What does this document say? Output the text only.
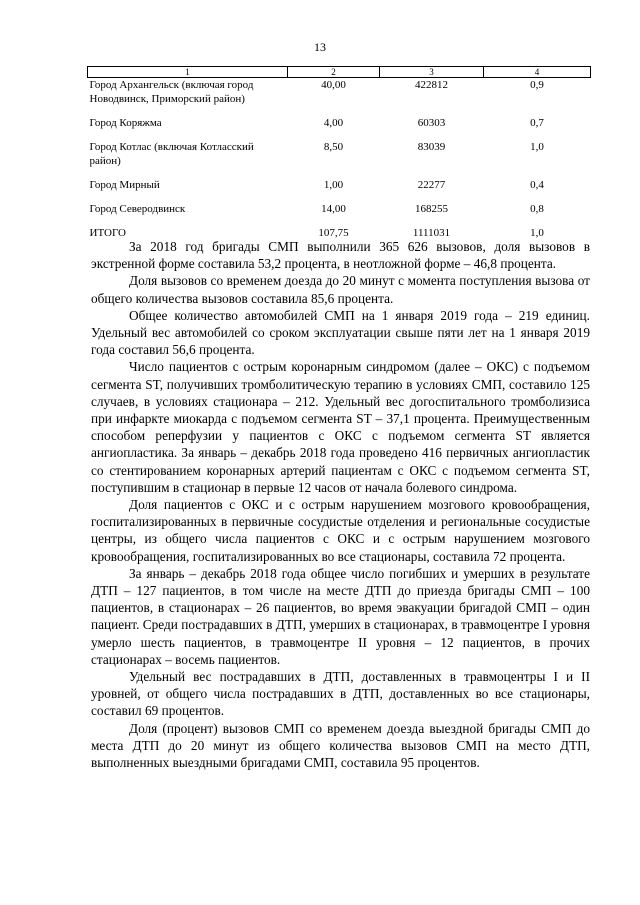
13
1	2	3	4
Город Архангельск (включая город Новодвинск, Приморский район)	40,00	422812	0,9
Город Коряжма	4,00	60303	0,7
Город Котлас (включая Котласский район)	8,50	83039	1,0
Город Мирный	1,00	22277	0,4
Город Северодвинск	14,00	168255	0,8
ИТОГО	107,75	1111031	1,0

За 2018 год бригады СМП выполнили 365 626 вызовов, доля вызовов в экстренной форме составила 53,2 процента, в неотложной форме – 46,8 процента.

Доля вызовов со временем доезда до 20 минут с момента поступления вызова от общего количества вызовов составила 85,6 процента.

Общее количество автомобилей СМП на 1 января 2019 года – 219 единиц. Удельный вес автомобилей со сроком эксплуатации свыше пяти лет на 1 января 2019 года составил 56,6 процента.

Число пациентов с острым коронарным синдромом (далее – ОКС) с подъемом сегмента ST, получивших тромболитическую терапию в условиях СМП, составило 125 случаев, в условиях стационара – 212. Удельный вес догоспитального тромболизиса при инфаркте миокарда с подъемом сегмента ST – 37,1 процента. Преимущественным способом реперфузии у пациентов с ОКС с подъемом сегмента ST является ангиопластика. За январь – декабрь 2018 года проведено 416 первичных ангиопластик со стентированием коронарных артерий пациентам с ОКС с подъемом сегмента ST, поступившим в стационар в первые 12 часов от начала болевого синдрома.

Доля пациентов с ОКС и с острым нарушением мозгового кровообращения, госпитализированных в первичные сосудистые отделения и региональные сосудистые центры, из общего числа пациентов с ОКС и с острым нарушением мозгового кровообращения, госпитализированных во все стационары, составила 72 процента.

За январь – декабрь 2018 года общее число погибших и умерших в результате ДТП – 127 пациентов, в том числе на месте ДТП до приезда бригады СМП – 100 пациентов, в стационарах – 26 пациентов, во время эвакуации бригадой СМП – один пациент. Среди пострадавших в ДТП, умерших в стационарах, в травмоцентре I уровня умерло шесть пациентов, в травмоцентре II уровня – 12 пациентов, в прочих стационарах – восемь пациентов.

Удельный вес пострадавших в ДТП, доставленных в травмоцентры I и II уровней, от общего числа пострадавших в ДТП, доставленных во все стационары, составил 69 процентов.

Доля (процент) вызовов СМП со временем доезда выездной бригады СМП до места ДТП до 20 минут из общего количества вызовов СМП на место ДТП, выполненных выездными бригадами СМП, составила 95 процентов.
